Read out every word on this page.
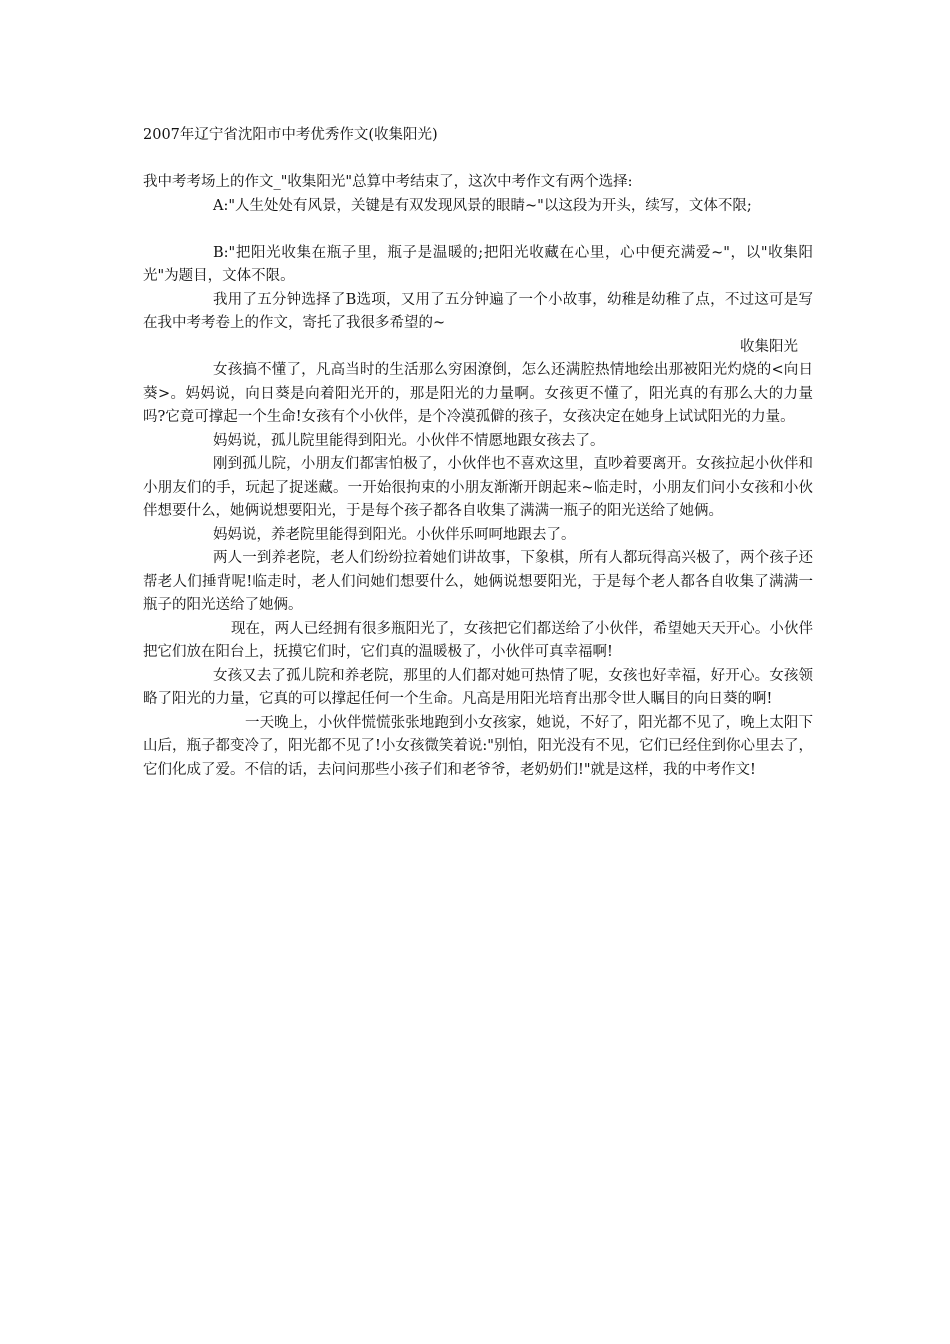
2007年辽宁省沈阳市中考优秀作文(收集阳光)

我中考考场上的作文_"收集阳光"总算中考结束了，这次中考作文有两个选择:

A:"人生处处有风景，关键是有双发现风景的眼睛~"以这段为开头，续写，文体不限;

B:"把阳光收集在瓶子里，瓶子是温暖的;把阳光收藏在心里，心中便充满爱~"，以"收集阳光"为题目，文体不限。

我用了五分钟选择了B选项，又用了五分钟遍了一个小故事，幼稚是幼稚了点，不过这可是写在我中考考卷上的作文，寄托了我很多希望的~

收集阳光

女孩搞不懂了，凡高当时的生活那么穷困潦倒，怎么还满腔热情地绘出那被阳光灼烧的<向日葵>。妈妈说，向日葵是向着阳光开的，那是阳光的力量啊。女孩更不懂了，阳光真的有那么大的力量吗?它竟可撑起一个生命!女孩有个小伙伴，是个冷漠孤僻的孩子，女孩决定在她身上试试阳光的力量。

妈妈说，孤儿院里能得到阳光。小伙伴不情愿地跟女孩去了。

刚到孤儿院，小朋友们都害怕极了，小伙伴也不喜欢这里，直吵着要离开。女孩拉起小伙伴和小朋友们的手，玩起了捉迷藏。一开始很拘束的小朋友渐渐开朗起来~临走时，小朋友们问小女孩和小伙伴想要什么，她俩说想要阳光，于是每个孩子都各自收集了满满一瓶子的阳光送给了她俩。

妈妈说，养老院里能得到阳光。小伙伴乐呵呵地跟去了。

两人一到养老院，老人们纷纷拉着她们讲故事，下象棋，所有人都玩得高兴极了，两个孩子还帮老人们捶背呢!临走时，老人们问她们想要什么，她俩说想要阳光，于是每个老人都各自收集了满满一瓶子的阳光送给了她俩。

现在，两人已经拥有很多瓶阳光了，女孩把它们都送给了小伙伴，希望她天天开心。小伙伴把它们放在阳台上，抚摸它们时，它们真的温暖极了，小伙伴可真幸福啊!

女孩又去了孤儿院和养老院，那里的人们都对她可热情了呢，女孩也好幸福，好开心。女孩领略了阳光的力量，它真的可以撑起任何一个生命。凡高是用阳光培育出那令世人瞩目的向日葵的啊!

一天晚上，小伙伴慌慌张张地跑到小女孩家，她说，不好了，阳光都不见了，晚上太阳下山后，瓶子都变冷了，阳光都不见了!小女孩微笑着说:"别怕，阳光没有不见，它们已经住到你心里去了，它们化成了爱。不信的话，去问问那些小孩子们和老爷爷，老奶奶们!"就是这样，我的中考作文!
